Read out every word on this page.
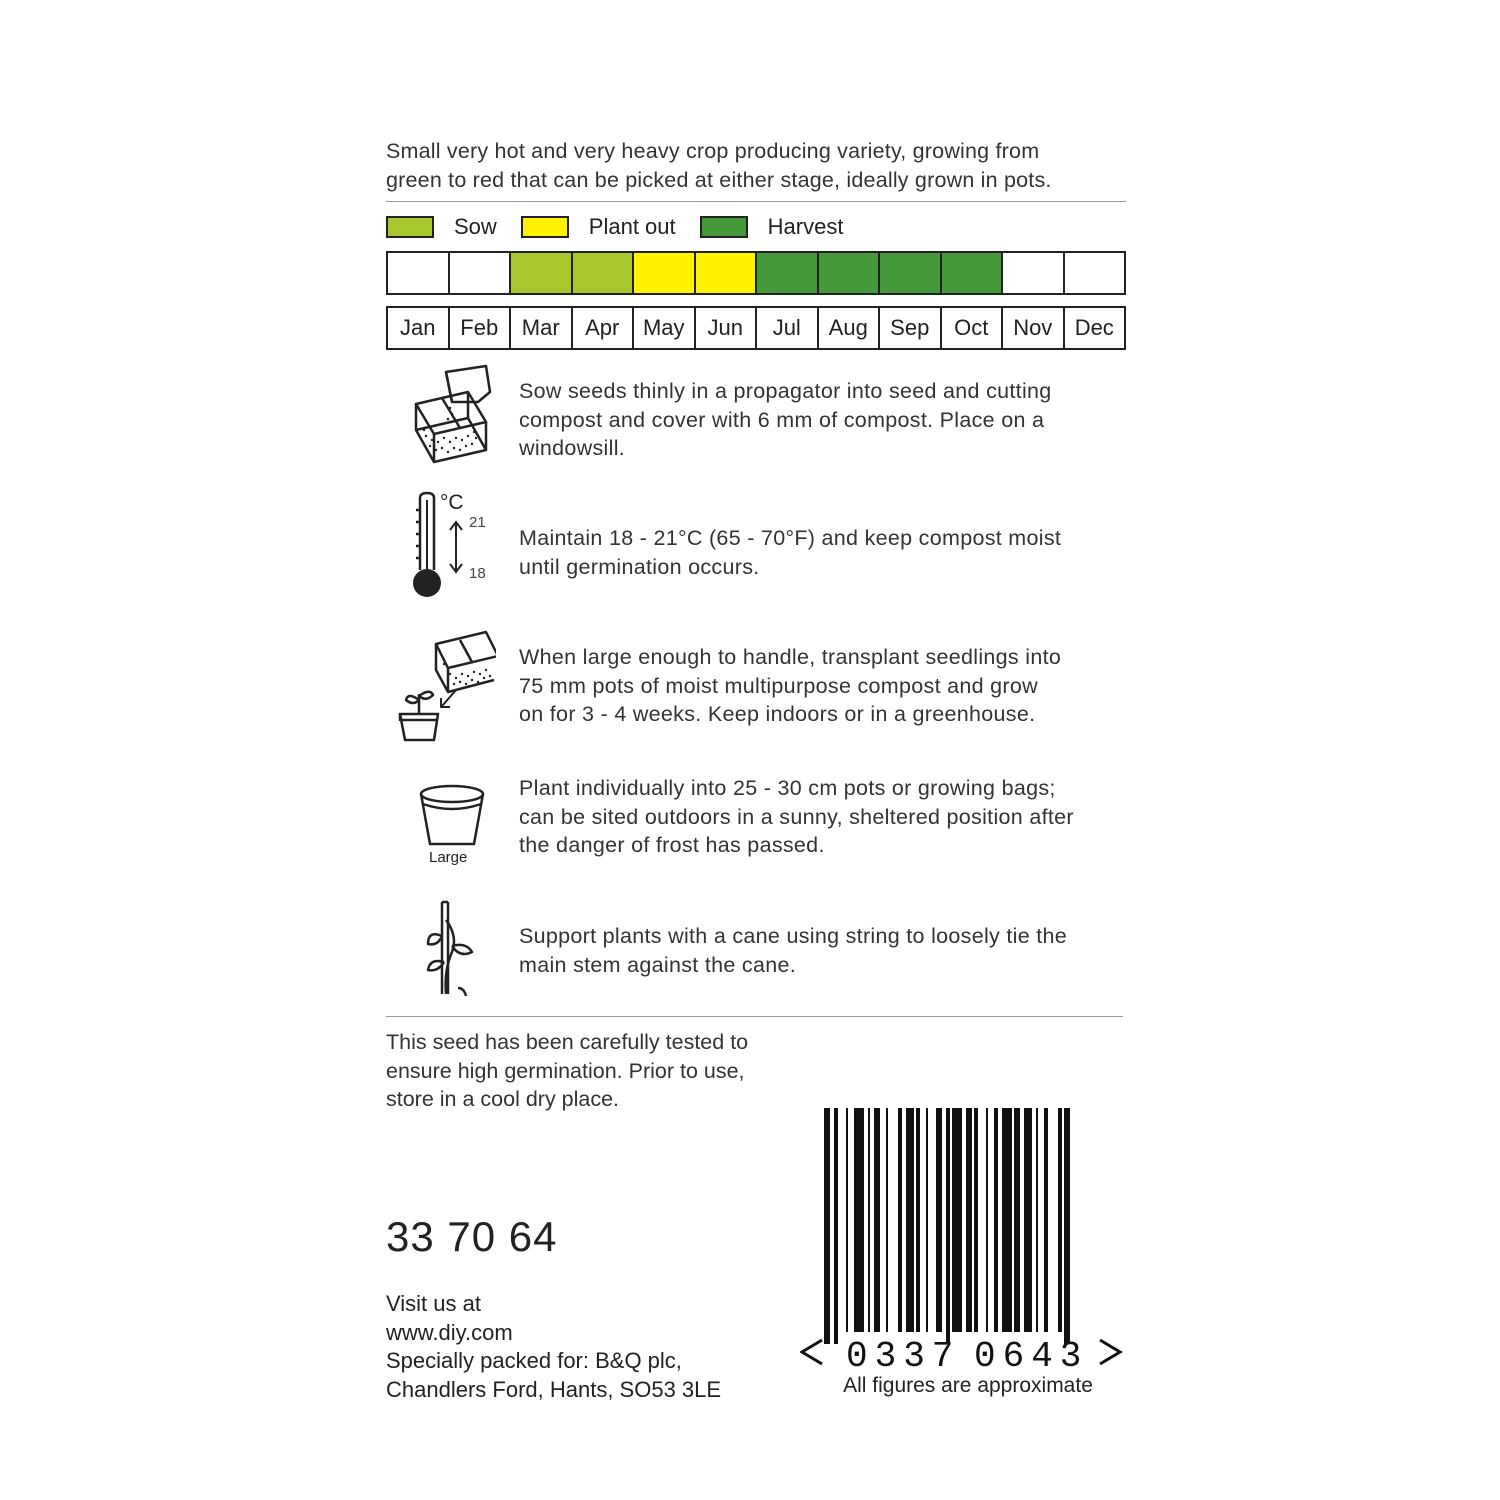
Small very hot and very heavy crop producing variety, growing from
green to red that can be picked at either stage, ideally grown in pots.
Sow	Plant out	Harvest
Jan	Feb	Mar	Apr	May	Jun	Jul	Aug	Sep	Oct	Nov	Dec
Sow seeds thinly in a propagator into seed and cutting
compost and cover with 6 mm of compost. Place on a
windowsill.
°C
21
18
Maintain 18 - 21°C (65 - 70°F) and keep compost moist
until germination occurs.
When large enough to handle, transplant seedlings into
75 mm pots of moist multipurpose compost and grow
on for 3 - 4 weeks. Keep indoors or in a greenhouse.
Large
Plant individually into 25 - 30 cm pots or growing bags;
can be sited outdoors in a sunny, sheltered position after
the danger of frost has passed.
Support plants with a cane using string to loosely tie the
main stem against the cane.
This seed has been carefully tested to
ensure high germination. Prior to use,
store in a cool dry place.
33 70 64
Visit us at
www.diy.com
Specially packed for: B&Q plc,
Chandlers Ford, Hants, SO53 3LE
0337 0643
All figures are approximate
